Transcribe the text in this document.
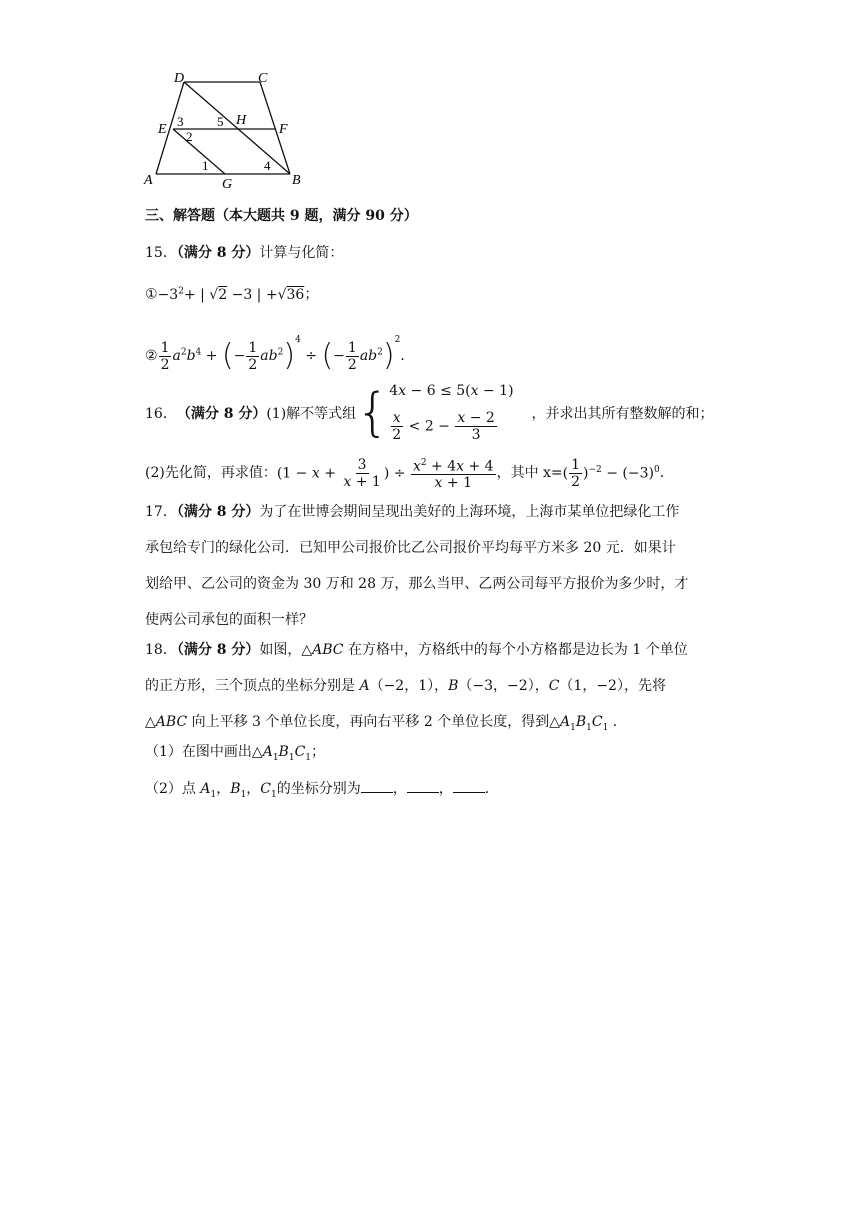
D	C
E
H
F
A	G	B
3
2
5
1	4
三、解答题（本大题共 9 题，满分 90 分）
15．（满分 8 分）计算与化简：
$①-3^2+$ | √2 −3 | +√36；
② $\frac{1}{2} a^2b^4$ + (− $\frac{1}{2} ab^2)^4$ ÷ (− $\frac{1}{2} ab^2)^2$．
16． （满分 8 分） (1)解不等式组 { 4x − 6 ≤ 5(x − 1)
$\frac{x}{2} < 2 - \frac{x - 2}{3}$ ，并求出其所有整数解的和；
(2)先化简，再求值： ($1 - x + \frac{3}{x + 1}$ ) ÷ $\frac{x^2 + 4x + 4}{x + 1}$ ，其中 x= ( $\frac{1}{2} )^{-2} - (-3)^0$ ．
17．（满分 8 分）为了在世博会期间呈现出美好的上海环境，上海市某单位把绿化工作
承包给专门的绿化公司．已知甲公司报价比乙公司报价平均每平方米多 20 元．如果计
划给甲、乙公司的资金为 30 万和 28 万，那么当甲、乙两公司每平方报价为多少时，才
使两公司承包的面积一样？
18．（满分 8 分）如图，△ABC 在方格中，方格纸中的每个小方格都是边长为 1 个单位
的正方形，三个顶点的坐标分别是 A（−2，1），B（−3，−2），C（1，−2），先将
△ABC 向上平移 3 个单位长度，再向右平移 2 个单位长度，得到$\triangle A_1B_1C_1$ ．
（1）在图中画出$\triangle A_1B_1C_1$；
（2）点 $A_1$，$B_1$，$C_1$的坐标分别为 ， ， ．
